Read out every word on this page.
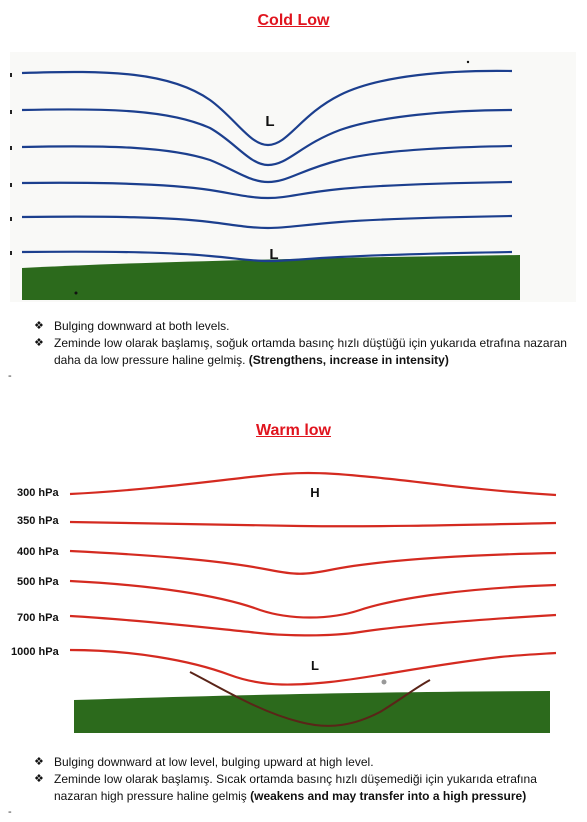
Cold Low
L
L
300 hPa
350 hPa
400 hPa
500 hPa
700 hPa
1000 hPa
H
L
❖ Bulging downward at both levels.
❖ Zeminde low olarak başlamış, soğuk ortamda basınç hızlı düştüğü için yukarıda etrafına nazaran daha da low pressure haline gelmiş. (Strengthens, increase in intensity)
-
Warm low
❖ Bulging downward at low level, bulging upward at high level.
❖ Zeminde low olarak başlamış. Sıcak ortamda basınç hızlı düşemediği için yukarıda etrafına nazaran high pressure haline gelmiş (weakens and may transfer into a high pressure)
-
